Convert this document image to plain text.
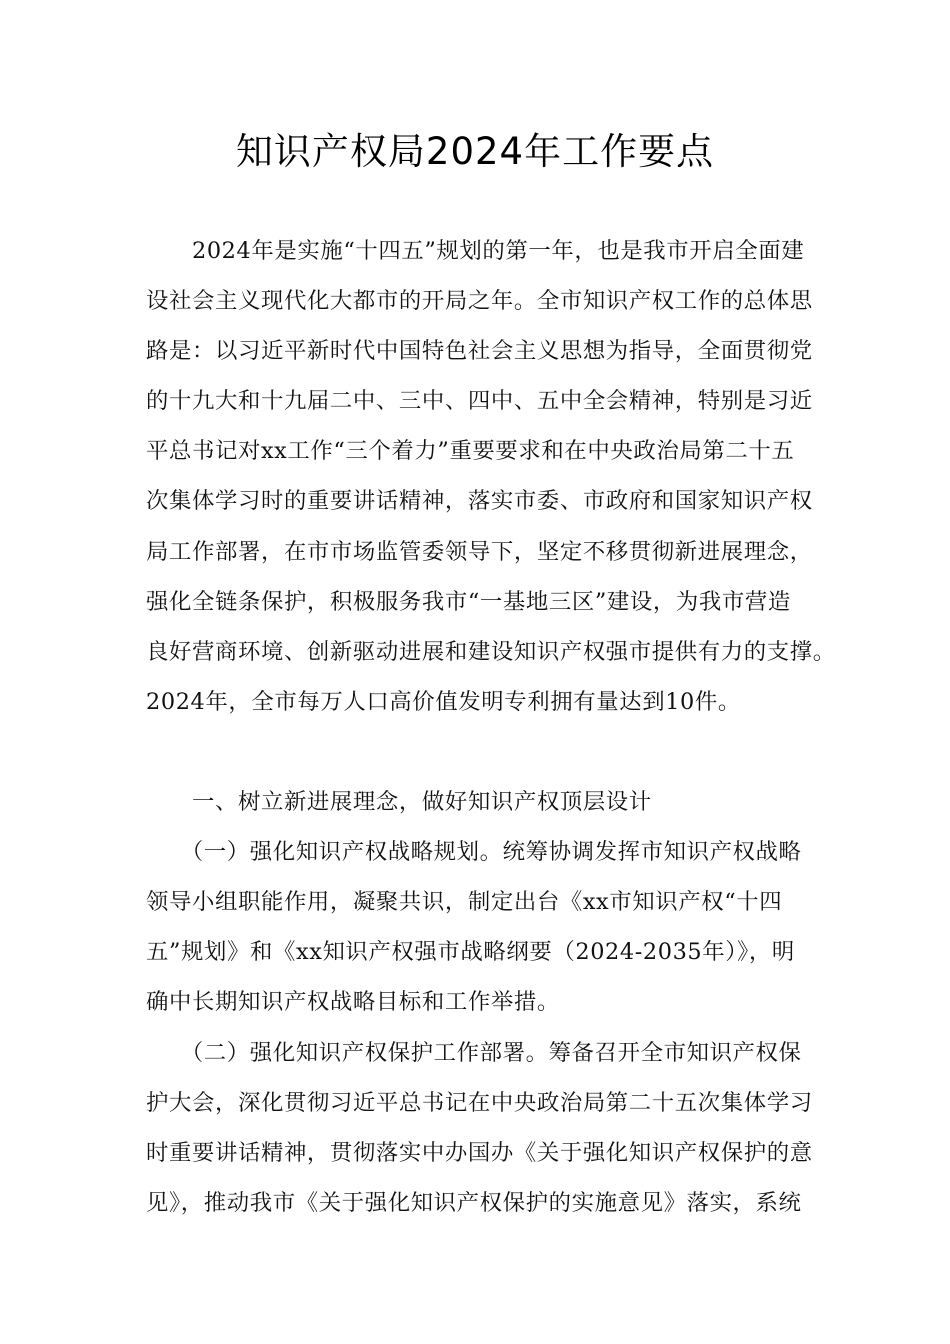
知识产权局2024年工作要点
　　2024年是实施“十四五”规划的第一年，也是我市开启全面建
设社会主义现代化大都市的开局之年。全市知识产权工作的总体思
路是：以习近平新时代中国特色社会主义思想为指导，全面贯彻党
的十九大和十九届二中、三中、四中、五中全会精神，特别是习近
平总书记对xx工作“三个着力”重要要求和在中央政治局第二十五
次集体学习时的重要讲话精神，落实市委、市政府和国家知识产权
局工作部署，在市市场监管委领导下，坚定不移贯彻新进展理念，
强化全链条保护，积极服务我市“一基地三区”建设，为我市营造
良好营商环境、创新驱动进展和建设知识产权强市提供有力的支撑。
2024年，全市每万人口高价值发明专利拥有量达到10件。
　　一、树立新进展理念，做好知识产权顶层设计
　　（一）强化知识产权战略规划。统筹协调发挥市知识产权战略
领导小组职能作用，凝聚共识，制定出台《xx市知识产权“十四
五”规划》和《xx知识产权强市战略纲要（2024-2035年）》，明
确中长期知识产权战略目标和工作举措。
　　（二）强化知识产权保护工作部署。筹备召开全市知识产权保
护大会，深化贯彻习近平总书记在中央政治局第二十五次集体学习
时重要讲话精神，贯彻落实中办国办《关于强化知识产权保护的意
见》，推动我市《关于强化知识产权保护的实施意见》落实，系统
